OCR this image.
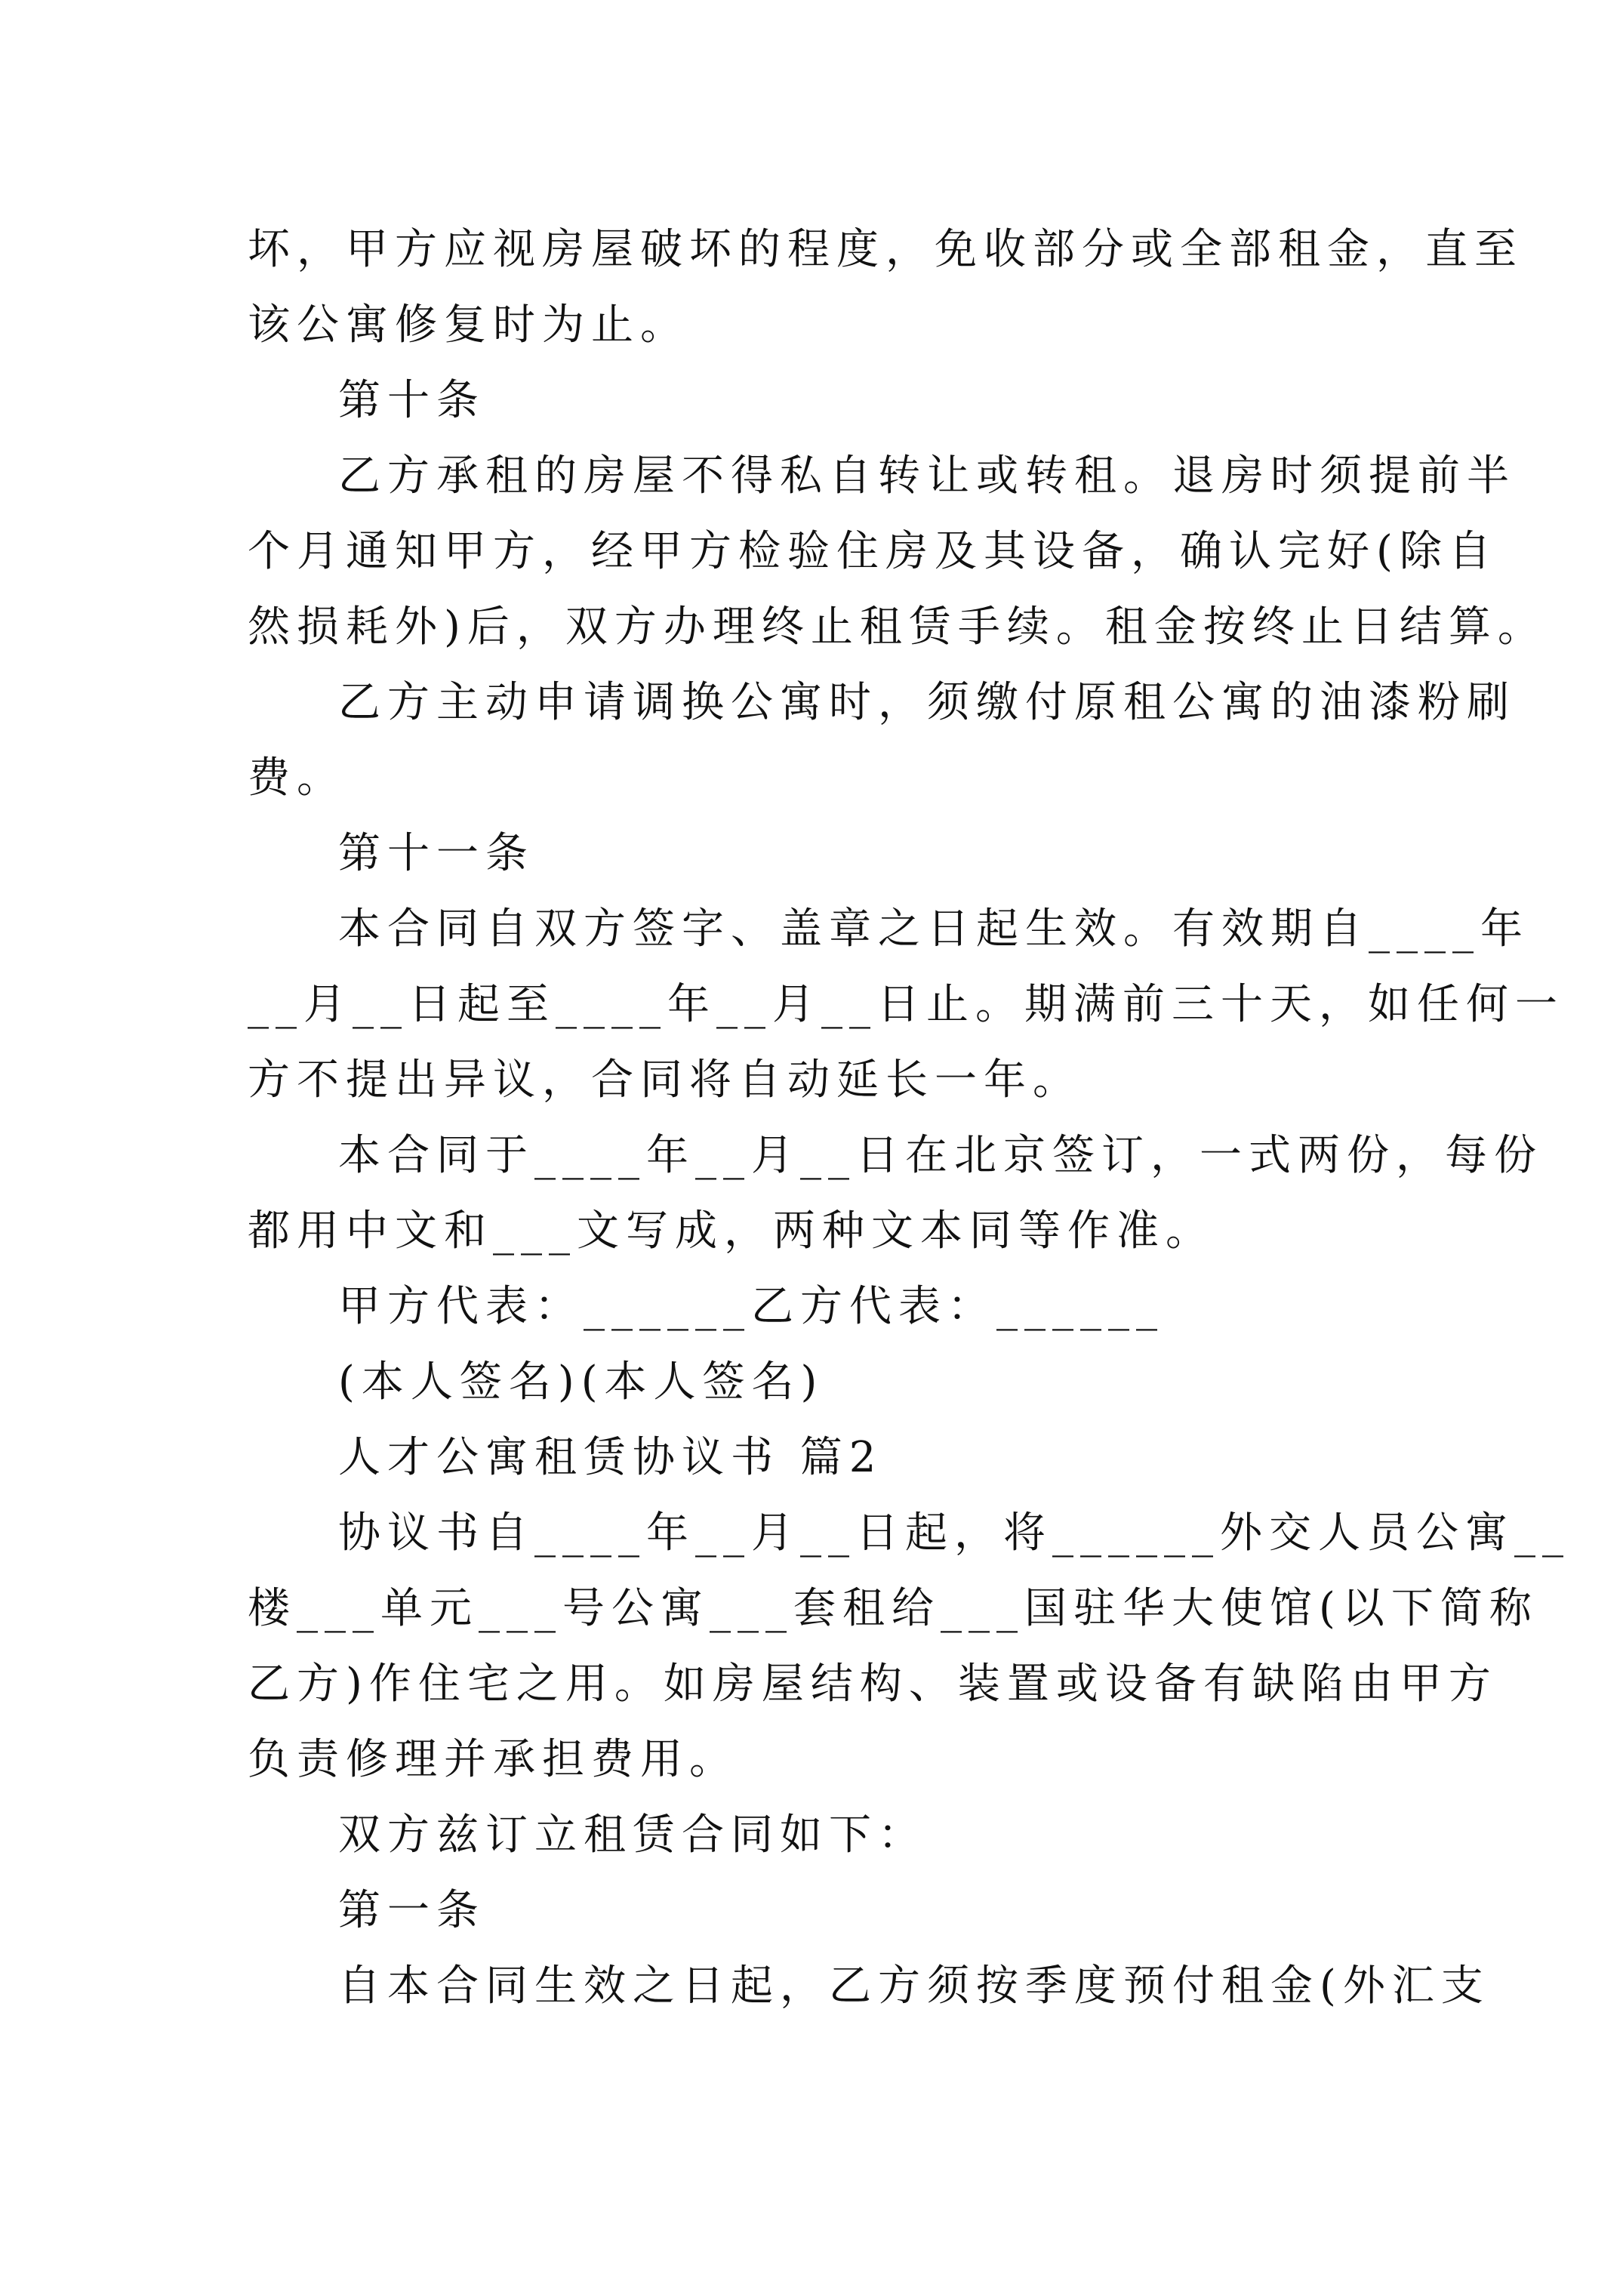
坏，甲方应视房屋破坏的程度，免收部分或全部租金，直至
该公寓修复时为止。
第十条
乙方承租的房屋不得私自转让或转租。退房时须提前半
个月通知甲方，经甲方检验住房及其设备，确认完好(除自
然损耗外)后，双方办理终止租赁手续。租金按终止日结算。
乙方主动申请调换公寓时，须缴付原租公寓的油漆粉刷
费。
第十一条
本合同自双方签字、盖章之日起生效。有效期自____年
__月__日起至____年__月__日止。期满前三十天，如任何一
方不提出异议，合同将自动延长一年。
本合同于____年__月__日在北京签订，一式两份，每份
都用中文和___文写成，两种文本同等作准。
甲方代表：______乙方代表：______
(本人签名)(本人签名)
人才公寓租赁协议书 篇2
协议书自____年__月__日起，将______外交人员公寓__
楼___单元___号公寓___套租给___国驻华大使馆(以下简称
乙方)作住宅之用。如房屋结构、装置或设备有缺陷由甲方
负责修理并承担费用。
双方兹订立租赁合同如下：
第一条
自本合同生效之日起，乙方须按季度预付租金(外汇支
